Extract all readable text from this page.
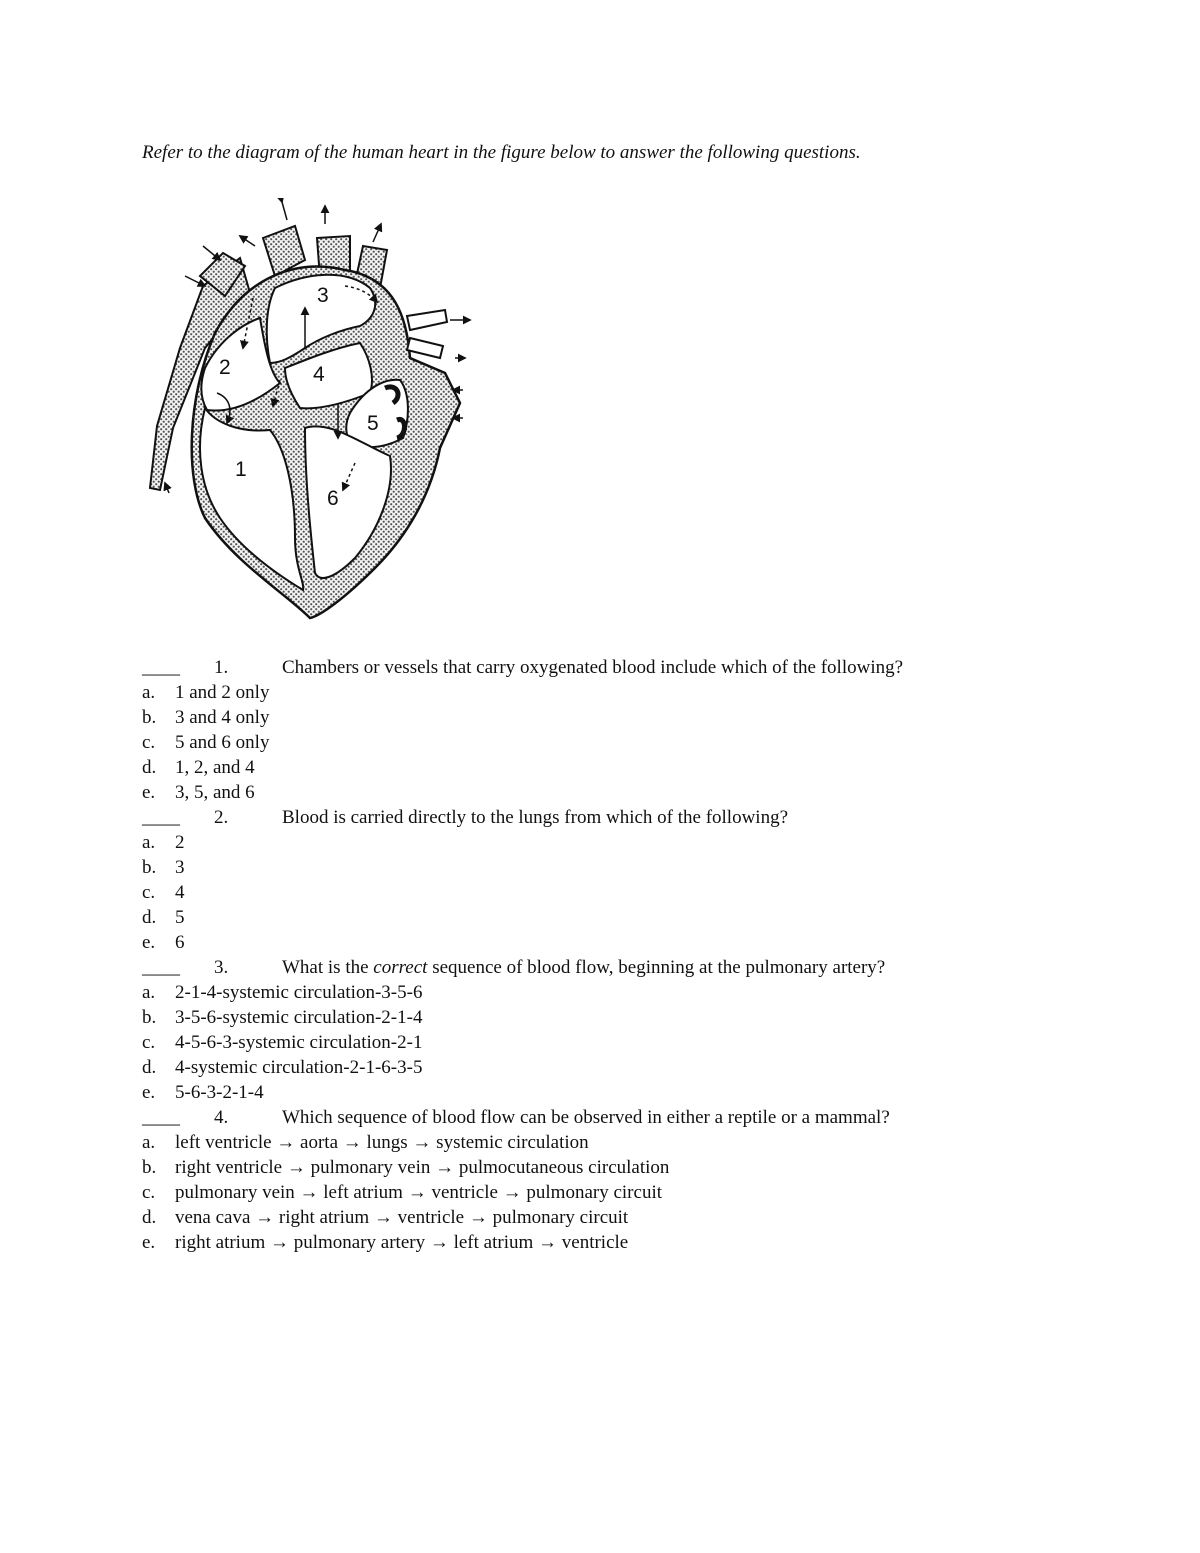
Refer to the diagram of the human heart in the figure below to answer the following questions.
1
2
3
4
5
6
____ 1.	Chambers or vessels that carry oxygenated blood include which of the following?
a. 1 and 2 only
b. 3 and 4 only
c. 5 and 6 only
d. 1, 2, and 4
e. 3, 5, and 6
____ 2.	Blood is carried directly to the lungs from which of the following?
a. 2
b. 3
c. 4
d. 5
e. 6
____ 3.	What is the correct sequence of blood flow, beginning at the pulmonary artery?
a. 2-1-4-systemic circulation-3-5-6
b. 3-5-6-systemic circulation-2-1-4
c. 4-5-6-3-systemic circulation-2-1
d. 4-systemic circulation-2-1-6-3-5
e. 5-6-3-2-1-4
____ 4.	Which sequence of blood flow can be observed in either a reptile or a mammal?
a. left ventricle → aorta → lungs → systemic circulation
b. right ventricle → pulmonary vein → pulmocutaneous circulation
c. pulmonary vein → left atrium → ventricle → pulmonary circuit
d. vena cava → right atrium → ventricle → pulmonary circuit
e. right atrium → pulmonary artery → left atrium → ventricle
